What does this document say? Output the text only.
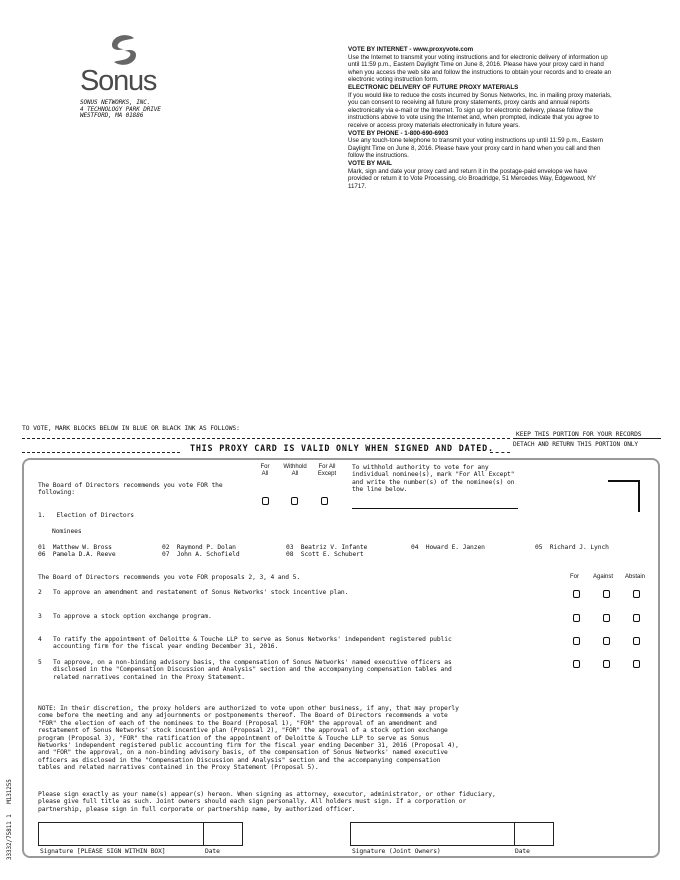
Sonus
SONUS NETWORKS, INC.
4 TECHNOLOGY PARK DRIVE
WESTFORD, MA 01886
VOTE BY INTERNET - www.proxyvote.com

Use the Internet to transmit your voting instructions and for electronic delivery of information up until 11:59 p.m., Eastern Daylight Time on June 8, 2016. Please have your proxy card in hand when you access the web site and follow the instructions to obtain your records and to create an electronic voting instruction form.

ELECTRONIC DELIVERY OF FUTURE PROXY MATERIALS

If you would like to reduce the costs incurred by Sonus Networks, Inc. in mailing proxy materials, you can consent to receiving all future proxy statements, proxy cards and annual reports electronically via e-mail or the Internet. To sign up for electronic delivery, please follow the instructions above to vote using the Internet and, when prompted, indicate that you agree to receive or access proxy materials electronically in future years.

VOTE BY PHONE - 1-800-690-6903

Use any touch-tone telephone to transmit your voting instructions up until 11:59 p.m., Eastern Daylight Time on June 8, 2016. Please have your proxy card in hand when you call and then follow the instructions.

VOTE BY MAIL

Mark, sign and date your proxy card and return it in the postage-paid envelope we have provided or return it to Vote Processing, c/o Broadridge, 51 Mercedes Way, Edgewood, NY 11717.

TO VOTE, MARK BLOCKS BELOW IN BLUE OR BLACK INK AS FOLLOWS:
KEEP THIS PORTION FOR YOUR RECORDS
DETACH AND RETURN THIS PORTION ONLY
THIS PROXY CARD IS VALID ONLY WHEN SIGNED AND DATED.
33332/75811 1   M131255
The Board of Directors recommends you vote FOR the following:
For All
Withhold All
For All Except
To withhold authority to vote for any individual nominee(s), mark "For All Except" and write the number(s) of the nominee(s) on the line below.
1.   Election of Directors
Nominees
01  Matthew W. Bross	02  Raymond P. Dolan	03  Beatriz V. Infante	04  Howard E. Janzen	05  Richard J. Lynch
06  Pamela D.A. Reeve	07  John A. Schofield	08  Scott E. Schubert
The Board of Directors recommends you vote FOR proposals 2, 3, 4 and 5.	For Against Abstain
2 To approve an amendment and restatement of Sonus Networks' stock incentive plan.
3 To approve a stock option exchange program.
4 To ratify the appointment of Deloitte & Touche LLP to serve as Sonus Networks' independent registered public
accounting firm for the fiscal year ending December 31, 2016.
5 To approve, on a non-binding advisory basis, the compensation of Sonus Networks' named executive officers as
disclosed in the "Compensation Discussion and Analysis" section and the accompanying compensation tables and
related narratives contained in the Proxy Statement.
NOTE: In their discretion, the proxy holders are authorized to vote upon other business, if any, that may properly
come before the meeting and any adjournments or postponements thereof. The Board of Directors recommends a vote
"FOR" the election of each of the nominees to the Board (Proposal 1), "FOR" the approval of an amendment and
restatement of Sonus Networks' stock incentive plan (Proposal 2), "FOR" the approval of a stock option exchange
program (Proposal 3), "FOR" the ratification of the appointment of Deloitte & Touche LLP to serve as Sonus
Networks' independent registered public accounting firm for the fiscal year ending December 31, 2016 (Proposal 4),
and "FOR" the approval, on a non-binding advisory basis, of the compensation of Sonus Networks' named executive
officers as disclosed in the "Compensation Discussion and Analysis" section and the accompanying compensation
tables and related narratives contained in the Proxy Statement (Proposal 5).
Please sign exactly as your name(s) appear(s) hereon. When signing as attorney, executor, administrator, or other fiduciary,
please give full title as such. Joint owners should each sign personally. All holders must sign. If a corporation or
partnership, please sign in full corporate or partnership name, by authorized officer.
Signature [PLEASE SIGN WITHIN BOX]	Date	Signature (Joint Owners)	Date
